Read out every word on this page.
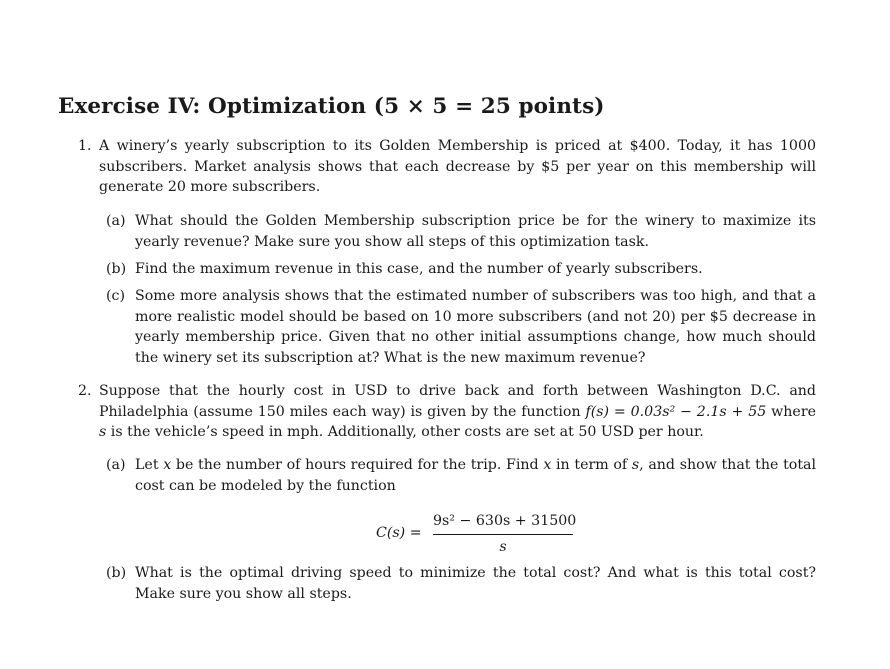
Exercise IV: Optimization (5 × 5 = 25 points)
1. A winery’s yearly subscription to its Golden Membership is priced at $400. Today, it has 1000 subscribers. Market analysis shows that each decrease by $5 per year on this membership will generate 20 more subscribers.
(a) What should the Golden Membership subscription price be for the winery to maximize its yearly revenue? Make sure you show all steps of this optimization task.
(b) Find the maximum revenue in this case, and the number of yearly subscribers.
(c) Some more analysis shows that the estimated number of subscribers was too high, and that a more realistic model should be based on 10 more subscribers (and not 20) per $5 decrease in yearly membership price. Given that no other initial assumptions change, how much should the winery set its subscription at? What is the new maximum revenue?
2. Suppose that the hourly cost in USD to drive back and forth between Washington D.C. and Philadelphia (assume 150 miles each way) is given by the function f(s) = 0.03s² − 2.1s + 55 where s is the vehicle’s speed in mph. Additionally, other costs are set at 50 USD per hour.
(a) Let x be the number of hours required for the trip. Find x in term of s, and show that the total cost can be modeled by the function
C(s) =
9s² − 630s + 31500
s
(b) What is the optimal driving speed to minimize the total cost? And what is this total cost? Make sure you show all steps.
